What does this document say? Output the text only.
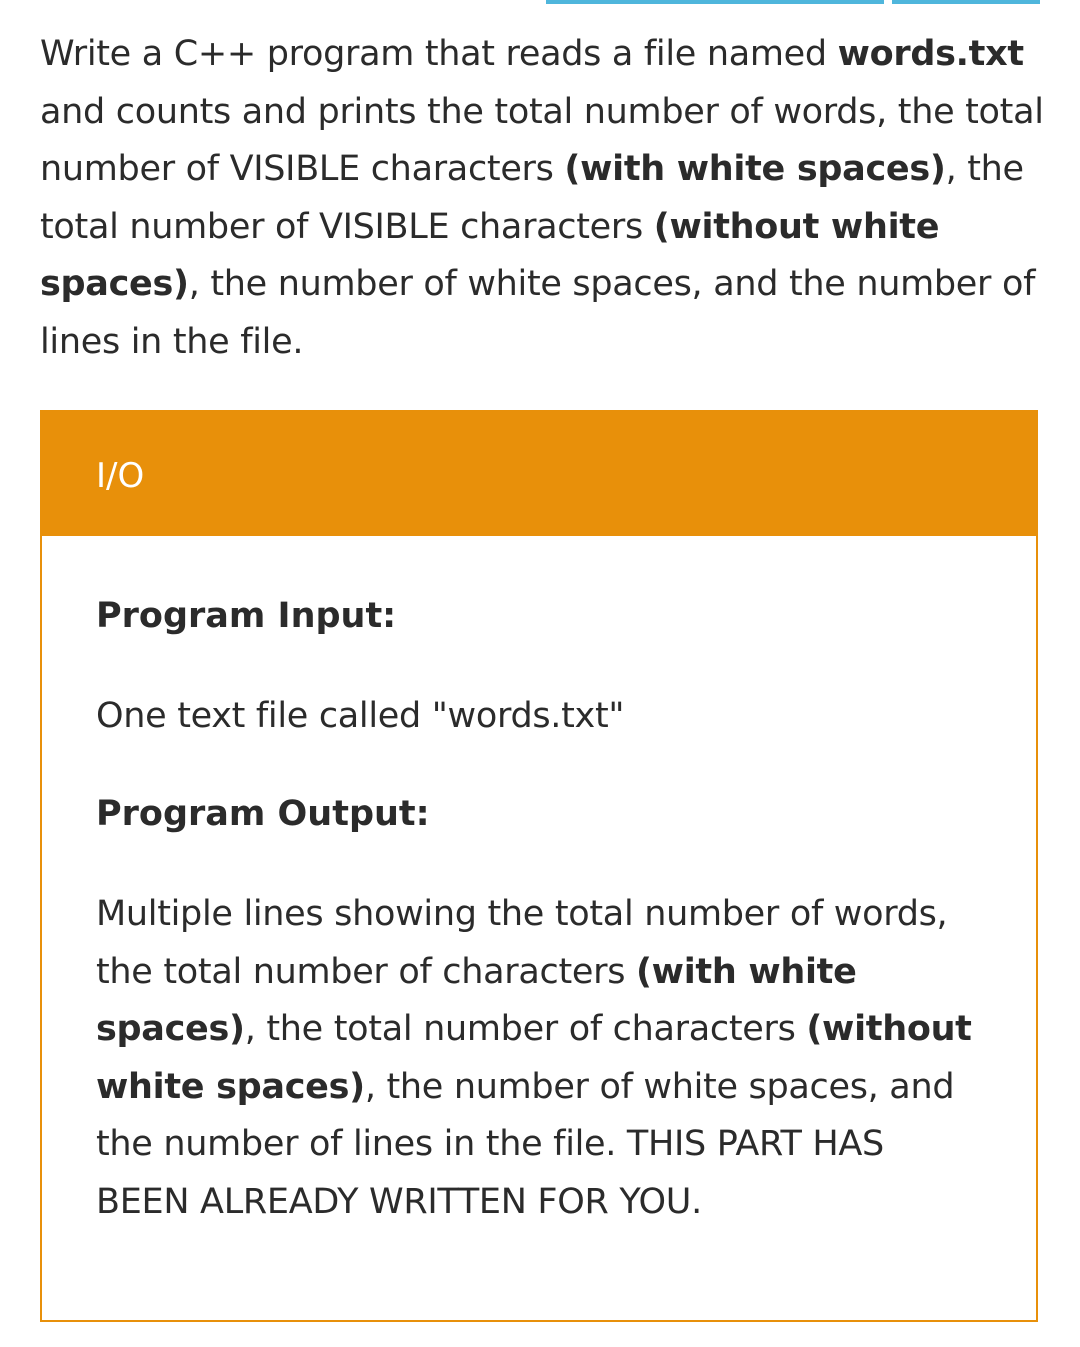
Write a C++ program that reads a file named words.txt and counts and prints the total number of words, the total number of VISIBLE characters (with white spaces), the total number of VISIBLE characters (without white spaces), the number of white spaces, and the number of lines in the file.

I/O
Program Input:

One text file called "words.txt"

Program Output:

Multiple lines showing the total number of words, the total number of characters (with white spaces), the total number of characters (without white spaces), the number of white spaces, and the number of lines in the file. THIS PART HAS BEEN ALREADY WRITTEN FOR YOU.
